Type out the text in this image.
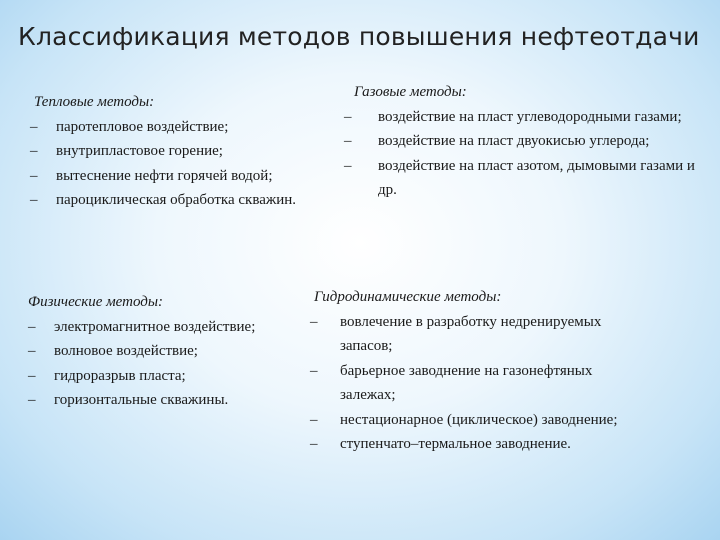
Классификация методов повышения нефтеотдачи
Газовые методы:
–	воздействие на пласт углеводородными газами;
–	воздействие на пласт двуокисью углерода;
–	воздействие на пласт азотом, дымовыми газами и др.
Тепловые методы:
–	паротепловое воздействие;
–	внутрипластовое горение;
–	вытеснение нефти горячей водой;
–	пароциклическая обработка скважин.
Гидродинамические методы:
–	вовлечение в разработку недренируемых запасов;
–	барьерное заводнение на газонефтяных залежах;
–	нестационарное (циклическое) заводнение;
–	ступенчато–термальное заводнение.
Физические методы:
–	электромагнитное воздействие;
–	волновое воздействие;
–	гидроразрыв пласта;
–	горизонтальные скважины.
